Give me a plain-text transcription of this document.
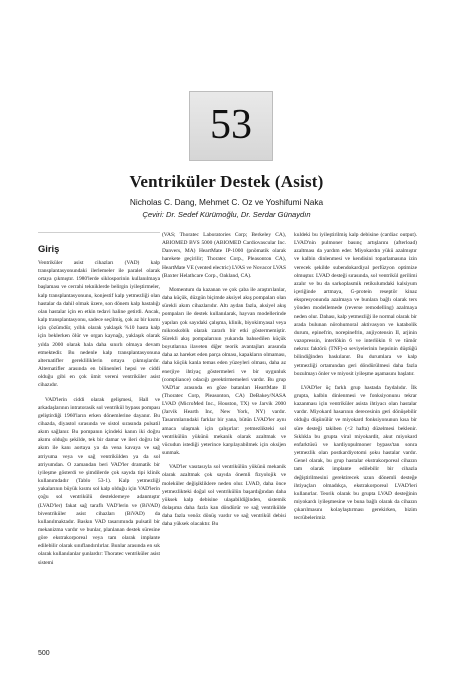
53
Ventriküler Destek (Asist)
Nicholas C. Dang, Mehmet C. Oz ve Yoshifumi Naka
Çeviri: Dr. Sedef Kürümoğlu, Dr. Serdar Günaydın
Giriş

Ventriküler asist cihazları (VAD) kalp transplantasyonundaki ilerlemeler ile paralel olarak ortaya çıkmıştır. 1980'lerde siklosporinin kullanılmaya başlaması ve cerrahi tekniklerde belirgin iyileştirmeler, kalp transplantasyonunu, konjestif kalp yetmezliği olan hastalar da dahil olmak üzere, son dönem kalp hastalığı olan hastalar için en etkin tedavi haline getirdi. Ancak, kalp transplantasyonu, sadece seçilmiş, çok az bir kısmı için çözümdür, yıllık olarak yaklaşık %10 hasta kalp için beklerken ölür ve organ kaynağı, yaklaşık olarak yılda 2000 olarak hala daha sınırlı olmaya devam etmektedir. Bu nedenle kalp transplantasyonuna alternatifler gerekliliklerin ortaya çıkmışlardır. Alternatifler arasında en bilinenleri hepsi ve ciddi olduğu gibi en çok ümit vereni ventriküler asist cihazıdır.

VAD'lerin ciddi olarak gelişmesi, Hall ve arkadaşlarının intratorasik sol ventrikül bypass pompası geliştirdiği 1960'ların erken dönemlerine dayanır. Bu cihazda, diyastol sırasında ve sistol sırasında pulsatil akım sağlanır. Bu pompanın içindeki kanın iki doğru akımı olduğu şekilde, tek bir damar ve ileri doğru bir akım ile kanı aortaya ya da vena kavaya ve sağ atriyuma veya ve sağ ventrikülden ya da sol atriyumdan. O zamandan beri VAD'ler dramatik bir iyileşme gösterdi ve şimdilerde çok sayıda tipi klinik kullanımdadır (Tablo 53-1). Kalp yetmezliği yakalarının büyük kısmı sol kalp olduğu için VAD'lerin çoğu sol ventrikülü desteklemeye adanmıştır (LVAD'ler) fakat sağ taraflı VAD'lerin ve (BiVAD) biventriküler asist cihazları (BiVAD) da kullanılmaktadır. Baskın VAD tasarımında pulsatil bir mekanizma vardır ve bunlar, planlanan destek süresine göre ekstrakorporeal veya tam olarak implante edilebilir olarak sınıflandırılırlar. Bunlar arasında en sık olarak kullanılanlar şunlardır: Thoratec ventriküler asist sistemi

(VAS; Thoratec Laboratories Corp; Berkeley CA), ABIOMED BVS 5000 (ABIOMED Cardiovascular Inc. Danvers, MA) HeartMate IP-1000 (pnömatik olarak harekete geçirilir; Thoratec Corp., Pleasonton CA), HeartMate VE (vented electric) LVAS ve Novacor LVAS (Baxter Helathcare Corp., Oakland, CA).

Momentum da kazanan ve çok çaba ile araştırılanlar, daha küçük, düzgün biçimde aksiyel akış pompaları olan sürekli akım cihazlarıdır. Altı aydan fazla, aksiyel akış pompaları ile destek kullanılarak, hayvan modellerinde yapılan çok sayıdaki çalışma, klinik, biyokimyasal veya mikroskobik olarak zararlı bir etki göstermemiştir. Sürekli akış pompalarının yukarıda bahsedilen küçük boyutlarına ilaveten diğer teorik avantajları arasında daha az hareket eden parça olması, kapakların olmaması, daha küçük kanla temas eden yüzeyleri olması, daha az enerjiye ihtiyaç göstermeleri ve bir uygunluk (compliance) odacığı gerektirmemeleri vardır. Bu grup VAD'lar arasında en göze batanları HeartMate II (Thoratec Corp, Pleasonton, CA) DeBakey/NASA LVAD (MicroMed Inc., Houston, TX) ve Jarvik 2000 (Jarvik Hearth Inc, New York, NY) vardır. Tasarımlarındaki farklar bir yana, bütün LVAD'ler aynı amaca ulaşmak için çalışırlar: yetmezlikteki sol ventrikülün yükünü mekanik olarak azaltmak ve vücudun istediği yeterince karşılayabilmek için oksijen sunmak.

VAD'ler vasıtasıyla sol ventrikülün yükünü mekanik olarak azaltmak çok sayıda önemli fizyolojik ve moleküler değişikliklere neden olur. LVAD, daha önce yetmezlikteki doğal sol ventrikülün başardığından daha yüksek kalp debisine ulaşabildiğinden, sistemik dolaşıma daha fazla kan döndürür ve sağ ventrikülde daha fazla venöz dönüş vardır ve sağ ventrikül debisi daha yüksek olacaktır. Bu

kuldeki bu iyileştirilmiş kalp debisine (cardiac output). LVAD'nin pulmoner basınç artışlarını (afterload) azaltması da yardım eder. Miyokardın yükü azalmıştır ve kalbin dinlenmesi ve kendisini toparlamasına izin verecek şekilde subendokardiyal perfüzyon optimize olmuştur. LVAD desteği sırasında, sol ventrikül gerilimi azalır ve bu da sarkoplasmik retikulumdaki kalsiyum içeriğinde artmaya, G-protein reseptör kinaz ekspresyonunda azalmaya ve bunlara bağlı olarak ters yönden modellemede (reverse remodelling) azalmaya neden olur. Dahası, kalp yetmezliği ile normal olarak bir arada bulunan nörohumoral aktivasyon ve katabolik durum, epinefrin, norepinefrin, anjiyotensin II, arjinin vazopressin, interlökin 6 ve interlökin 8 ve tümör nekroz faktörü (TNF)-α seviyelerinin hepsinin düştüğü bilindiğinden baskılanır. Bu durumlara ve kalp yetmezliği ortamından geri döndürülmesi daha fazla bozulmayı önler ve miyosit iyileşme aşamasını başlatır.

LVAD'ler üç farklı grup hastada faydalıdır. İlk grupta, kalbin dinlenmesi ve fonksiyonunu tekrar kazanması için ventriküler asista ihtiyacı olan hastalar vardır. Miyokard hasarının derecesinin geri dönüşebilir olduğu düşünülür ve miyokard fonksiyonunun kısa bir süre desteği takiben (<2 hafta) düzelmesi beklenir. Sıklıkla bu grupta viral miyokardit, akut miyokard enfarktüsü ve kardiyopulmoner bypass'tan sonra yetmezlik olan postkardiyotomi şoku hastalar vardır. Genel olarak, bu grup hastalar ekstrakorporeal cihazın tam olarak implante edilebilir bir cihazla değiştirilmesini gerektirecek uzun dönemli desteğe ihtiyaçları olmadıkça, ekstrakorporeal LVAD'leri kullanırlar. Teorik olarak bu grupta LVAD desteğinin miyokardı iyileşmesine ve buna bağlı olarak da cihazın çıkarılmasını kolaylaştırması gerekirken, bizim tecrübelerimiz

500
